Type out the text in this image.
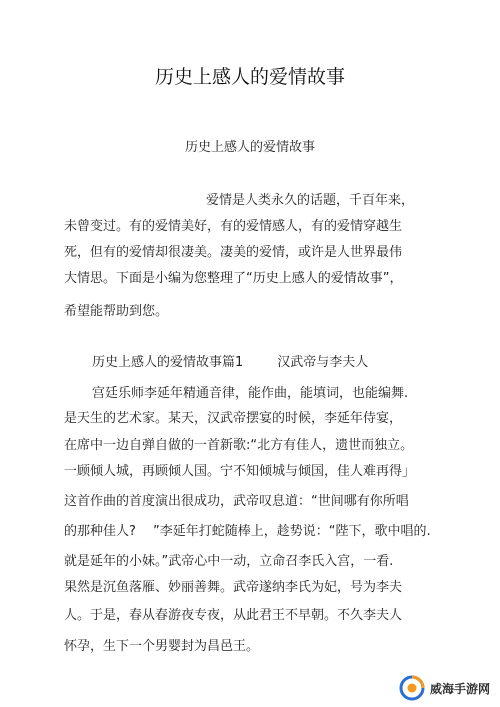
历史上感人的爱情故事
历史上感人的爱情故事
爱情是人类永久的话题，千百年来，
未曾变过。有的爱情美好，有的爱情感人，有的爱情穿越生
死，但有的爱情却很凄美。凄美的爱情，或许是人世界最伟
大情思。下面是小编为您整理了“历史上感人的爱情故事”，
希望能帮助到您。
历史上感人的爱情故事篇1	汉武帝与李夫人
宫廷乐师李延年精通音律，能作曲，能填词，也能编舞.
是天生的艺术家。某天，汉武帝摆宴的时候，李延年侍宴，
在席中一边自弹自做的一首新歌:“北方有佳人，遗世而独立。
一顾倾人城，再顾倾人国。宁不知倾城与倾国，佳人难再得」
这首作曲的首度演出很成功，武帝叹息道：“世间哪有你所唱
的那种佳人?　 ”李延年打蛇随棒上，趁势说：“陛下，歌中唱的.
就是延年的小妹。”武帝心中一动，立命召李氏入宫，一看.
果然是沉鱼落雁、妙丽善舞。武帝遂纳李氏为妃，号为李夫
人。于是，春从春游夜专夜，从此君王不早朝。不久李夫人
怀孕，生下一个男婴封为昌邑王。
威海手游网
